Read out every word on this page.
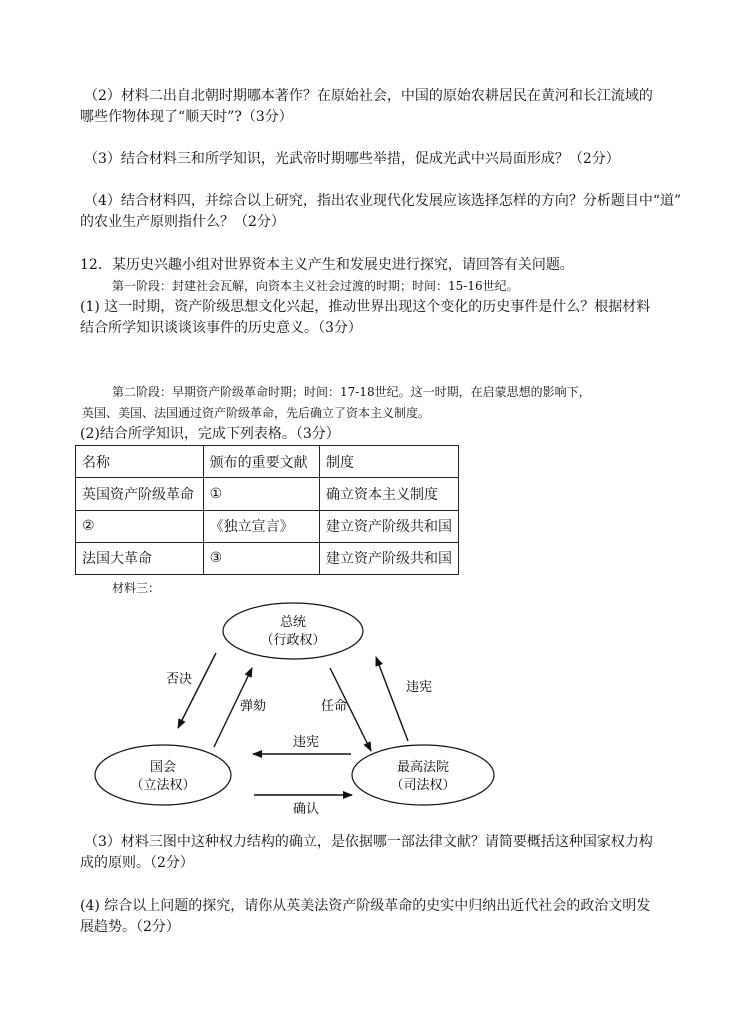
（2）材料二出自北朝时期哪本著作？在原始社会，中国的原始农耕居民在黄河和长江流域的
哪些作物体现了“顺天时”?（3分）
（3）结合材料三和所学知识，光武帝时期哪些举措，促成光武中兴局面形成？（2分）
（4）结合材料四，并综合以上研究，指出农业现代化发展应该选择怎样的方向？分析题目中“道”
的农业生产原则指什么？（2分）
12．某历史兴趣小组对世界资本主义产生和发展史进行探究，请回答有关问题。
第一阶段：封建社会瓦解，向资本主义社会过渡的时期；时间：15-16世纪。
(1) 这一时期，资产阶级思想文化兴起，推动世界出现这个变化的历史事件是什么？根据材料
结合所学知识谈谈该事件的历史意义。（3分）
第二阶段：早期资产阶级革命时期；时间：17-18世纪。这一时期，在启蒙思想的影响下，
英国、美国、法国通过资产阶级革命，先后确立了资本主义制度。
(2)结合所学知识，完成下列表格。（3分）
名称	颁布的重要文献	制度
英国资产阶级革命	①	确立资本主义制度
②	《独立宣言》	建立资产阶级共和国
法国大革命	③	建立资产阶级共和国
材料三：
总统
（行政权）
国会
（立法权）
最高法院
（司法权）
否决
弹劾	任命
违宪
违宪
确认
（3）材料三图中这种权力结构的确立，是依据哪一部法律文献？请简要概括这种国家权力构
成的原则。（2分）
(4) 综合以上问题的探究，请你从英美法资产阶级革命的史实中归纳出近代社会的政治文明发
展趋势。（2分）
